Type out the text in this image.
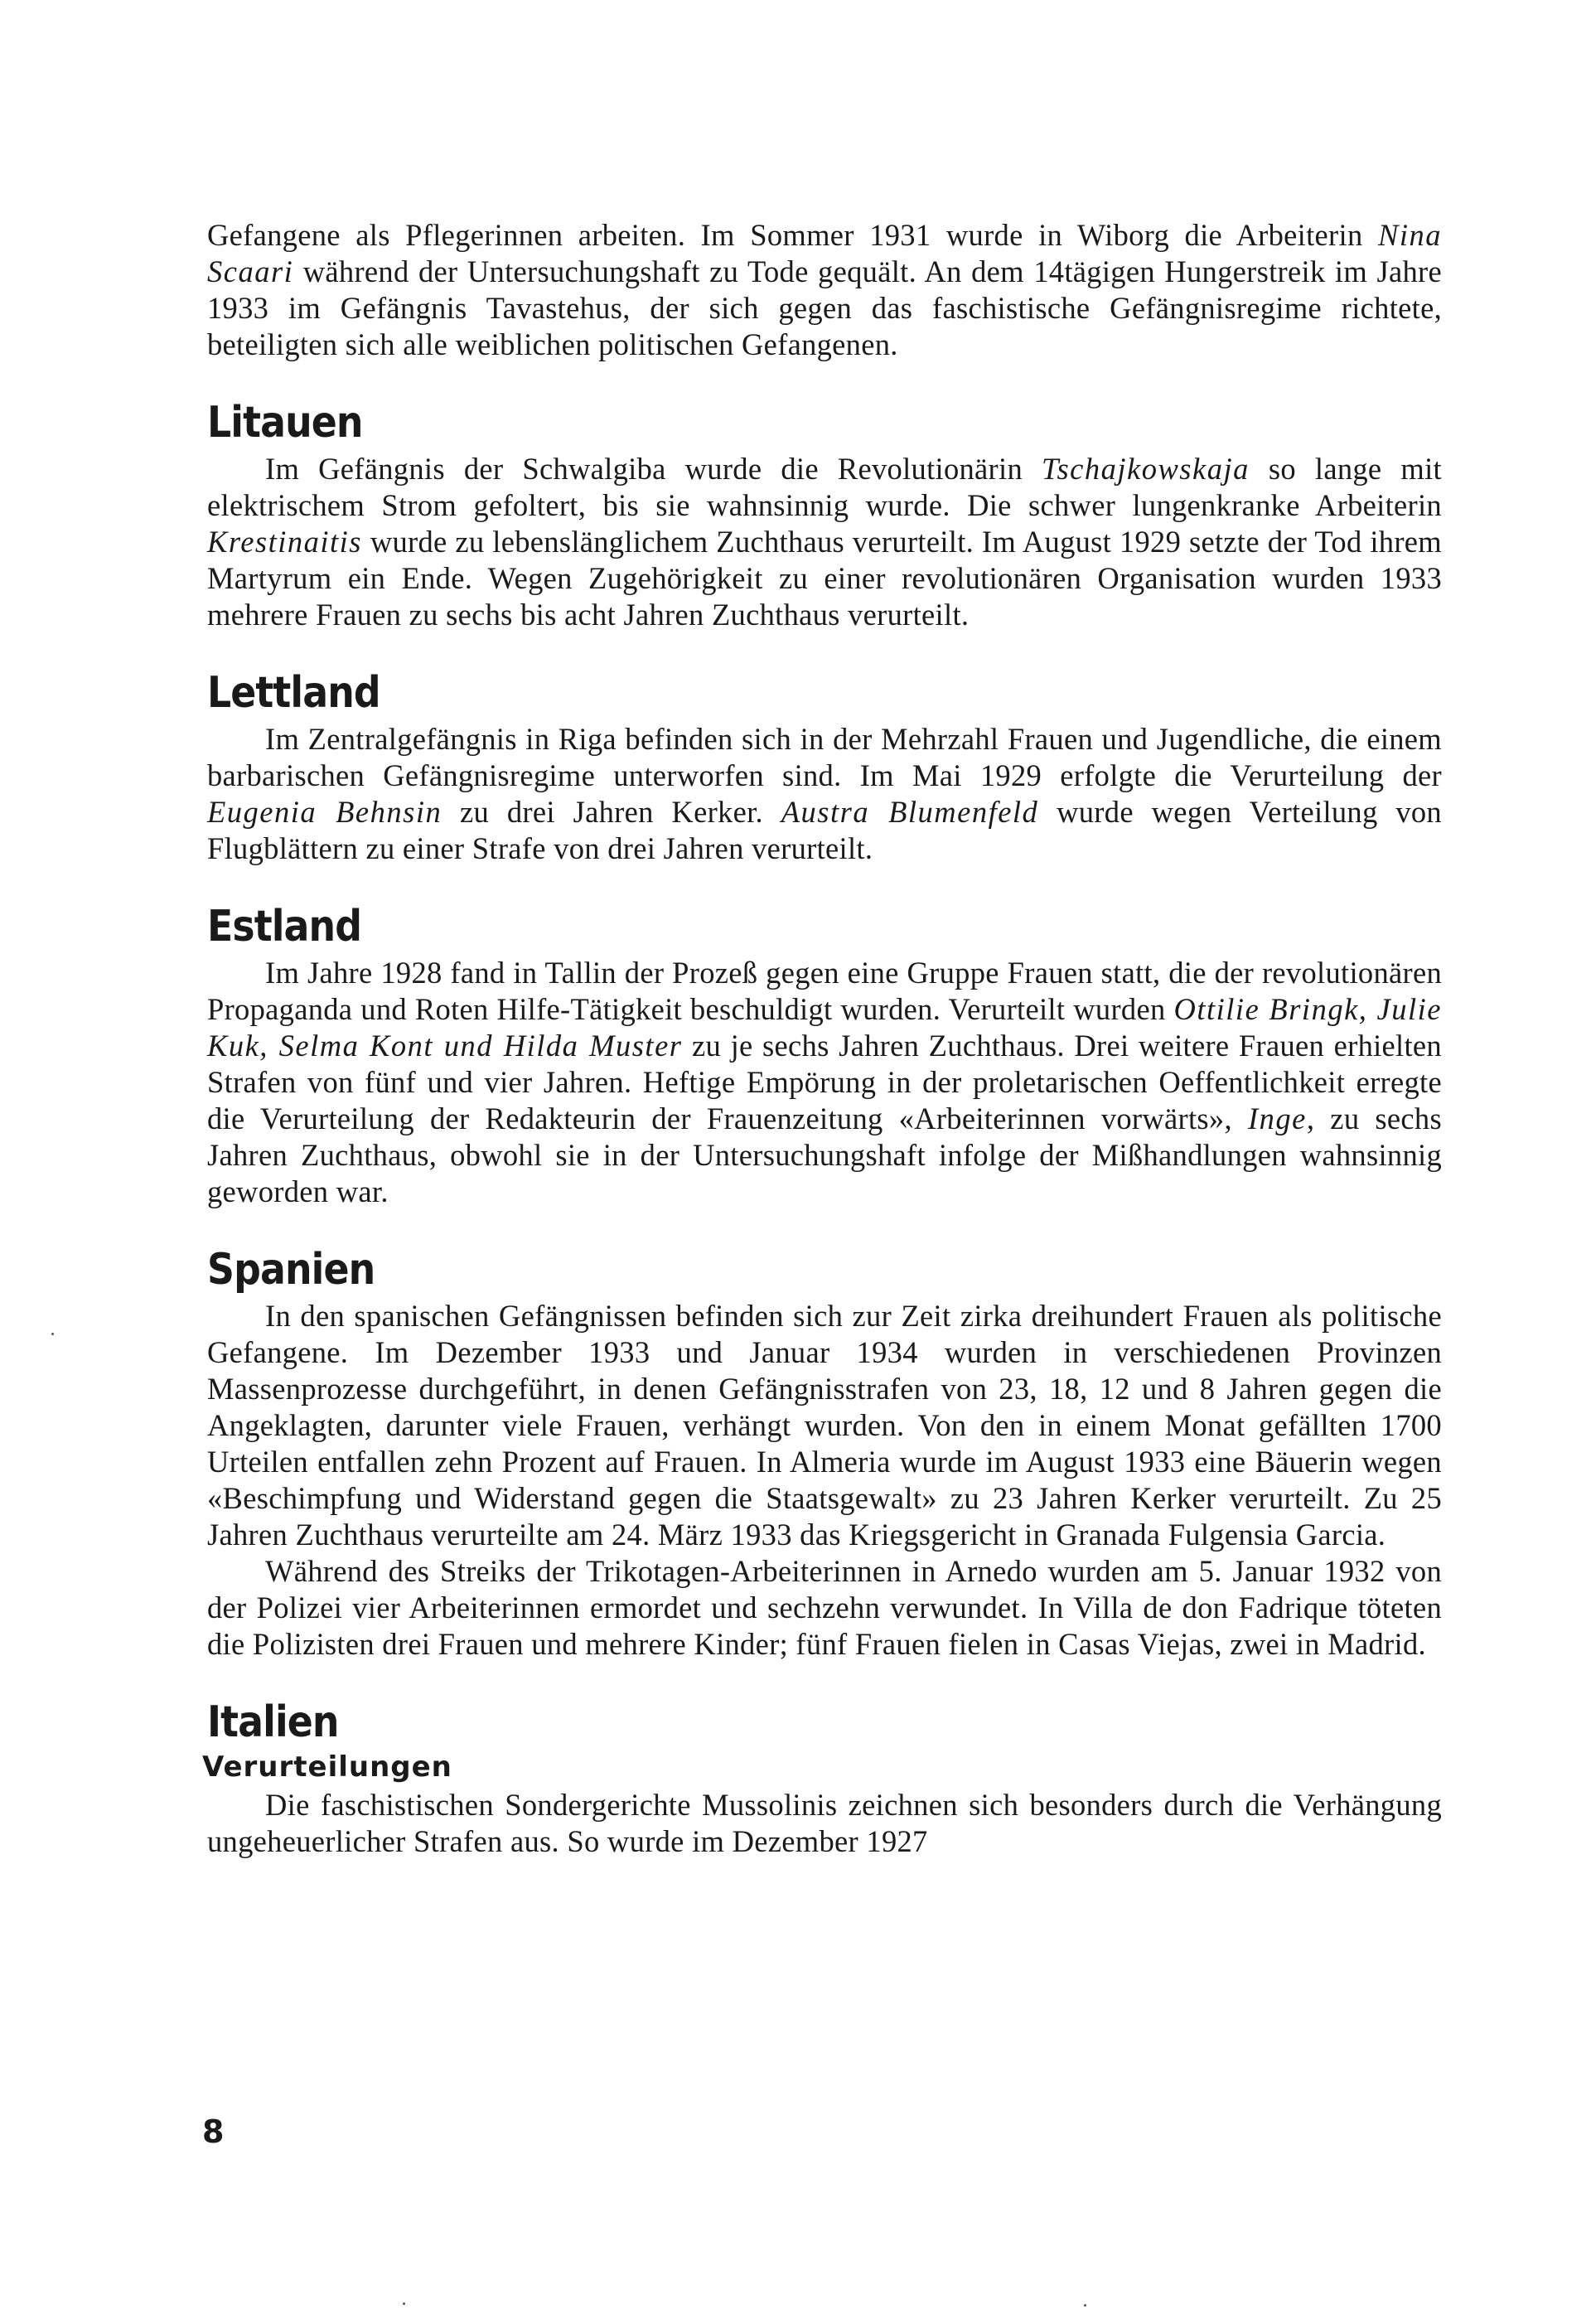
Gefangene als Pflegerinnen arbeiten. Im Sommer 1931 wurde in Wiborg die Arbeiterin Nina Scaari während der Untersuchungshaft zu Tode gequält. An dem 14tägigen Hungerstreik im Jahre 1933 im Gefängnis Tavastehus, der sich gegen das faschistische Gefängnisregime richtete, beteiligten sich alle weiblichen politischen Gefangenen.

Litauen

Im Gefängnis der Schwalgiba wurde die Revolutionärin Tschajkowskaja so lange mit elektrischem Strom gefoltert, bis sie wahnsinnig wurde. Die schwer lungenkranke Arbeiterin Krestinaitis wurde zu lebenslänglichem Zuchthaus verurteilt. Im August 1929 setzte der Tod ihrem Martyrum ein Ende. Wegen Zugehörigkeit zu einer revolutionären Organisation wurden 1933 mehrere Frauen zu sechs bis acht Jahren Zuchthaus verurteilt.

Lettland

Im Zentralgefängnis in Riga befinden sich in der Mehrzahl Frauen und Jugendliche, die einem barbarischen Gefängnisregime unterworfen sind. Im Mai 1929 erfolgte die Verurteilung der Eugenia Behnsin zu drei Jahren Kerker. Austra Blumenfeld wurde wegen Verteilung von Flugblättern zu einer Strafe von drei Jahren verurteilt.

Estland

Im Jahre 1928 fand in Tallin der Prozeß gegen eine Gruppe Frauen statt, die der revolutionären Propaganda und Roten Hilfe-Tätigkeit beschuldigt wurden. Verurteilt wurden Ottilie Bringk, Julie Kuk, Selma Kont und Hilda Muster zu je sechs Jahren Zuchthaus. Drei weitere Frauen erhielten Strafen von fünf und vier Jahren. Heftige Empörung in der proletarischen Oeffentlichkeit erregte die Verurteilung der Redakteurin der Frauenzeitung «Arbeiterinnen vorwärts», Inge, zu sechs Jahren Zuchthaus, obwohl sie in der Untersuchungshaft infolge der Mißhandlungen wahnsinnig geworden war.

Spanien

In den spanischen Gefängnissen befinden sich zur Zeit zirka dreihundert Frauen als politische Gefangene. Im Dezember 1933 und Januar 1934 wurden in verschiedenen Provinzen Massenprozesse durchgeführt, in denen Gefängnisstrafen von 23, 18, 12 und 8 Jahren gegen die Angeklagten, darunter viele Frauen, verhängt wurden. Von den in einem Monat gefällten 1700 Urteilen entfallen zehn Prozent auf Frauen. In Almeria wurde im August 1933 eine Bäuerin wegen «Beschimpfung und Widerstand gegen die Staatsgewalt» zu 23 Jahren Kerker verurteilt. Zu 25 Jahren Zuchthaus verurteilte am 24. März 1933 das Kriegsgericht in Granada Fulgensia Garcia.

Während des Streiks der Trikotagen-Arbeiterinnen in Arnedo wurden am 5. Januar 1932 von der Polizei vier Arbeiterinnen ermordet und sechzehn verwundet. In Villa de don Fadrique töteten die Polizisten drei Frauen und mehrere Kinder; fünf Frauen fielen in Casas Viejas, zwei in Madrid.

Italien
Verurteilungen

Die faschistischen Sondergerichte Mussolinis zeichnen sich besonders durch die Verhängung ungeheuerlicher Strafen aus. So wurde im Dezember 1927

8
